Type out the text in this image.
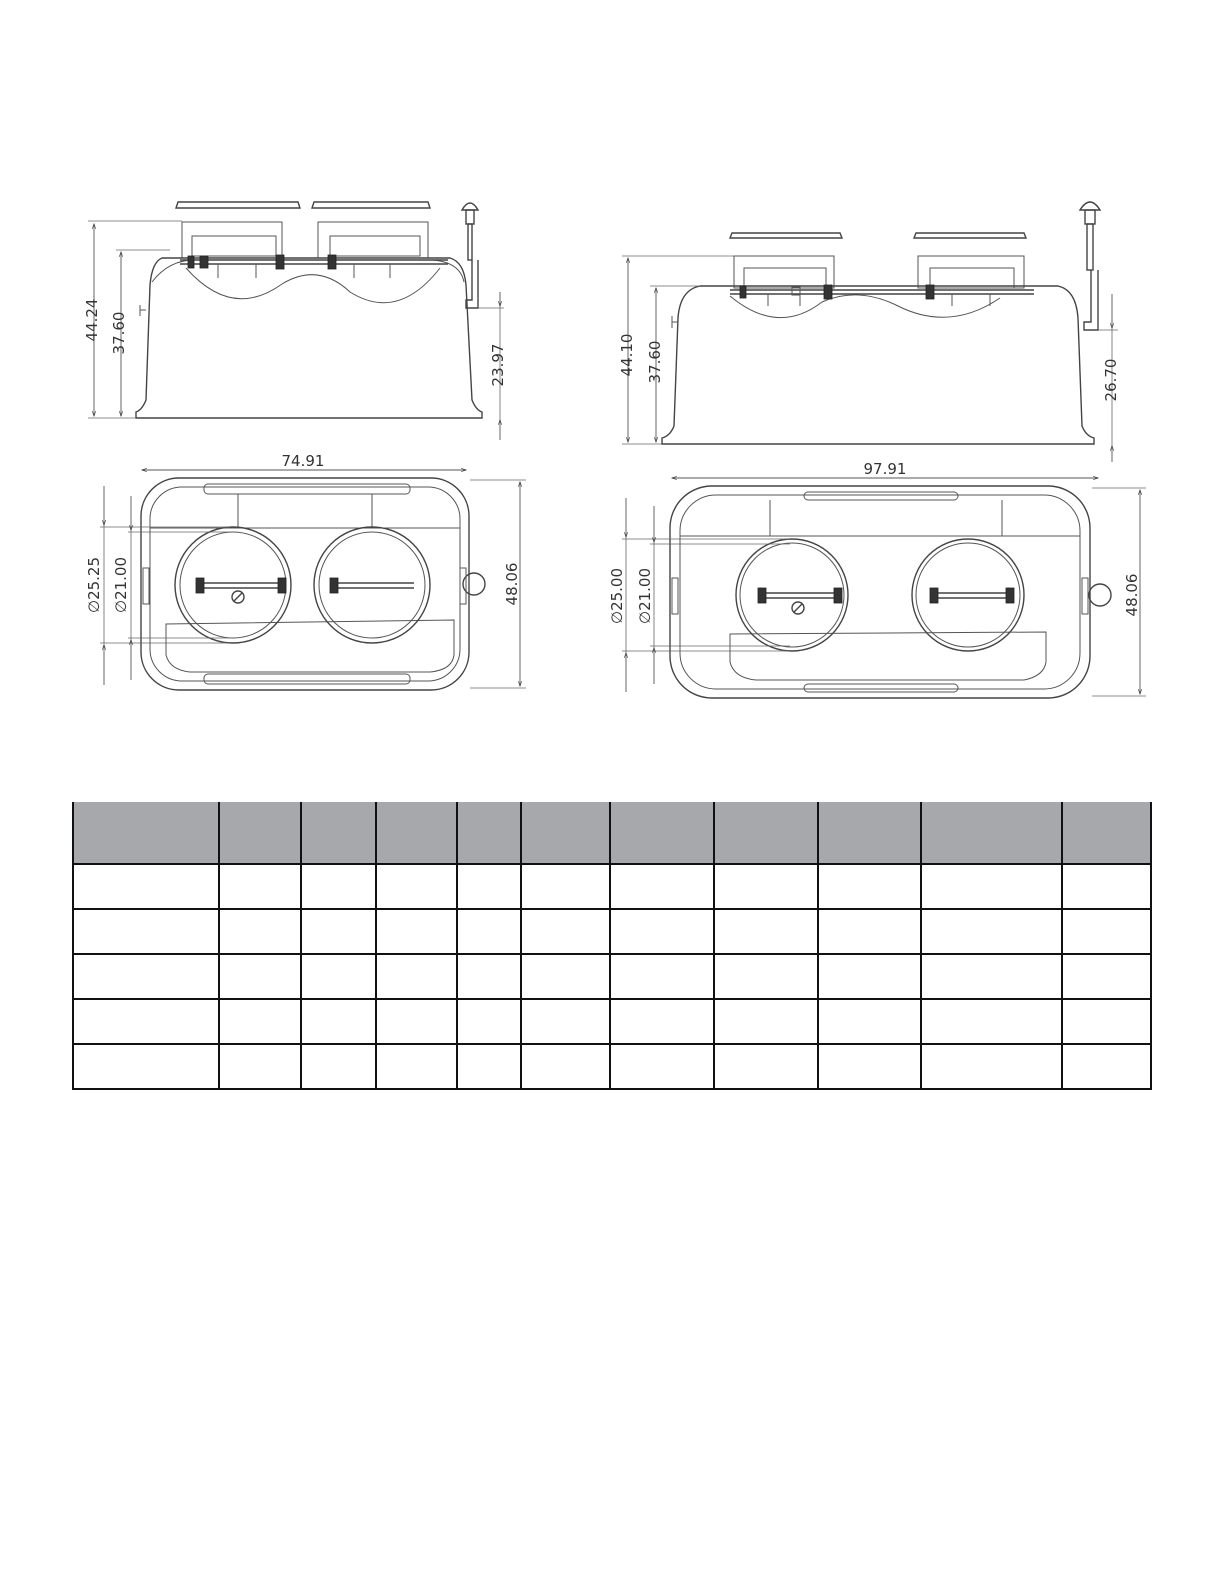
44.24 37.60
23.97
74.91
48.06
∅25.25 ∅21.00
44.10 37.60	26.70
97.91
48.06
∅25.00 ∅21.00
